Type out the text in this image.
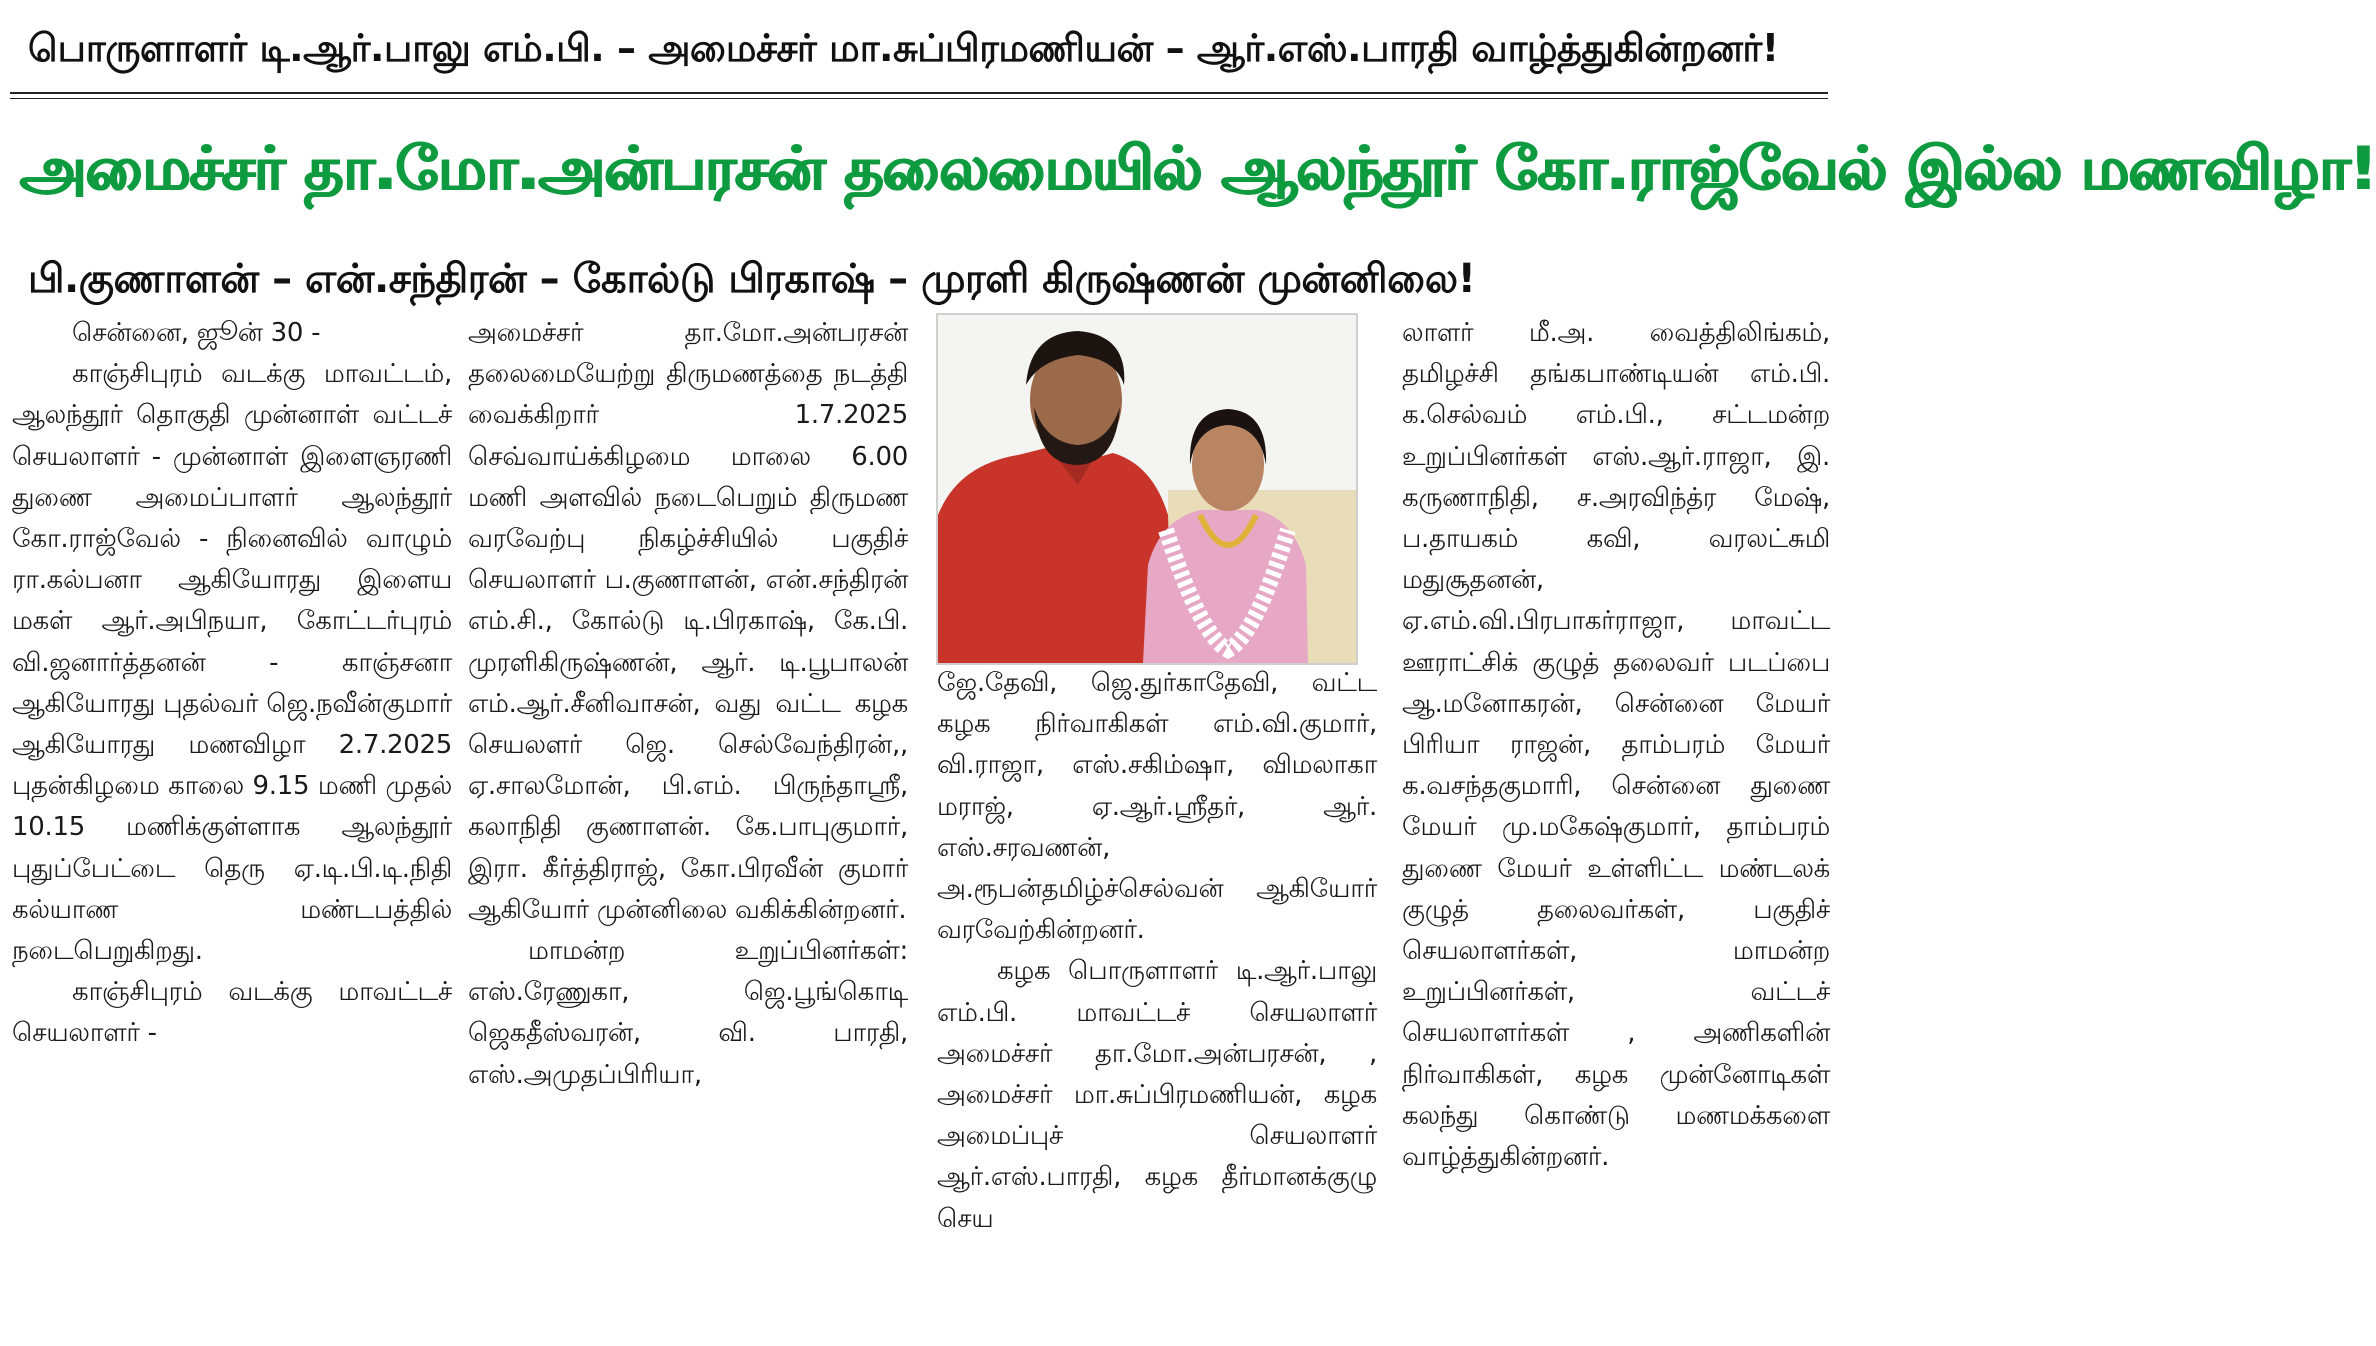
பொருளாளர் டி.ஆர்.பாலு எம்.பி. – அமைச்சர் மா.சுப்பிரமணியன் – ஆர்.எஸ்.பாரதி வாழ்த்துகின்றனர்!
அமைச்சர் தா.மோ.அன்பரசன் தலைமையில் ஆலந்தூர் கோ.ராஜ்வேல் இல்ல மணவிழா!
பி.குணாளன் – என்.சந்திரன் – கோல்டு பிரகாஷ் – முரளி கிருஷ்ணன் முன்னிலை!

சென்னை, ஜூன் 30 -

காஞ்சிபுரம் வடக்கு மாவட்டம், ஆலந்தூர் தொகுதி முன்னாள் வட்டச் செயலாளர் - முன்னாள் இளைஞரணி துணை அமைப்பாளர் ஆலந்தூர் கோ.ராஜ்வேல் - நினைவில் வாழும் ரா.கல்பனா ஆகியோரது இளைய மகள் ஆர்.அபிநயா, கோட்டர்புரம் வி.ஜனார்த்தனன் - காஞ்சனா ஆகியோரது புதல்வர் ஜெ.நவீன்குமார் ஆகியோரது மணவிழா 2.7.2025 புதன்கிழமை காலை 9.15 மணி முதல் 10.15 மணிக்குள்ளாக ஆலந்தூர் புதுப்பேட்டை தெரு ஏ.டி.பி.டி.நிதி கல்யாண மண்டபத்தில் நடைபெறுகிறது.

காஞ்சிபுரம் வடக்கு மாவட்டச் செயலாளர் -

அமைச்சர் தா.மோ.அன்பரசன் தலைமையேற்று திருமணத்தை நடத்தி வைக்கிறார் 1.7.2025 செவ்வாய்க்கிழமை மாலை 6.00 மணி அளவில் நடைபெறும் திருமண வரவேற்பு நிகழ்ச்சியில் பகுதிச் செயலாளர் ப.குணாளன், என்.சந்திரன் எம்.சி., கோல்டு டி.பிரகாஷ், கே.பி. முரளிகிருஷ்ணன், ஆர். டி.பூபாலன் எம்.ஆர்.சீனிவாசன், வது வட்ட கழக செயலளர் ஜெ. செல்வேந்திரன்,, ஏ.சாலமோன், பி.எம். பிருந்தாஸ்ரீ, கலாநிதி குணாளன். கே.பாபுகுமார், இரா. கீர்த்திராஜ், கோ.பிரவீன் குமார் ஆகியோர் முன்னிலை வகிக்கின்றனர்.

மாமன்ற உறுப்பினர்கள்: எஸ்.ரேணுகா, ஜெ.பூங்கொடி ஜெகதீஸ்வரன், வி. பாரதி, எஸ்.அமுதப்பிரியா,

ஜே.தேவி, ஜெ.துர்காதேவி, வட்ட கழக நிர்வாகிகள் எம்.வி.குமார், வி.ராஜா, எஸ்.சகிம்ஷா, விமலாகா மராஜ், ஏ.ஆர்.ஸ்ரீதர், ஆர். எஸ்.சரவணன், அ.ரூபன்தமிழ்ச்செல்வன் ஆகியோர் வரவேற்கின்றனர்.

கழக பொருளாளர் டி.ஆர்.பாலு எம்.பி. மாவட்டச் செயலாளர் அமைச்சர் தா.மோ.அன்பரசன், , அமைச்சர் மா.சுப்பிரமணியன், கழக அமைப்புச் செயலாளர் ஆர்.எஸ்.பாரதி, கழக தீர்மானக்குழு செய

லாளர் மீ.அ. வைத்திலிங்கம், தமிழச்சி தங்கபாண்டியன் எம்.பி. க.செல்வம் எம்.பி., சட்டமன்ற உறுப்பினர்கள் எஸ்.ஆர்.ராஜா, இ. கருணாநிதி, ச.அரவிந்த்ர மேஷ், ப.தாயகம் கவி, வரலட்சுமி மதுசூதனன், ஏ.எம்.வி.பிரபாகர்ராஜா, மாவட்ட ஊராட்சிக் குழுத் தலைவர் படப்பை ஆ.மனோகரன், சென்னை மேயர் பிரியா ராஜன், தாம்பரம் மேயர் க.வசந்தகுமாரி, சென்னை துணை மேயர் மு.மகேஷ்குமார், தாம்பரம் துணை மேயர் உள்ளிட்ட மண்டலக் குழுத் தலைவர்கள், பகுதிச் செயலாளர்கள், மாமன்ற உறுப்பினர்கள், வட்டச் செயலாளர்கள் , அணிகளின் நிர்வாகிகள், கழக முன்னோடிகள் கலந்து கொண்டு மணமக்களை வாழ்த்துகின்றனர்.
